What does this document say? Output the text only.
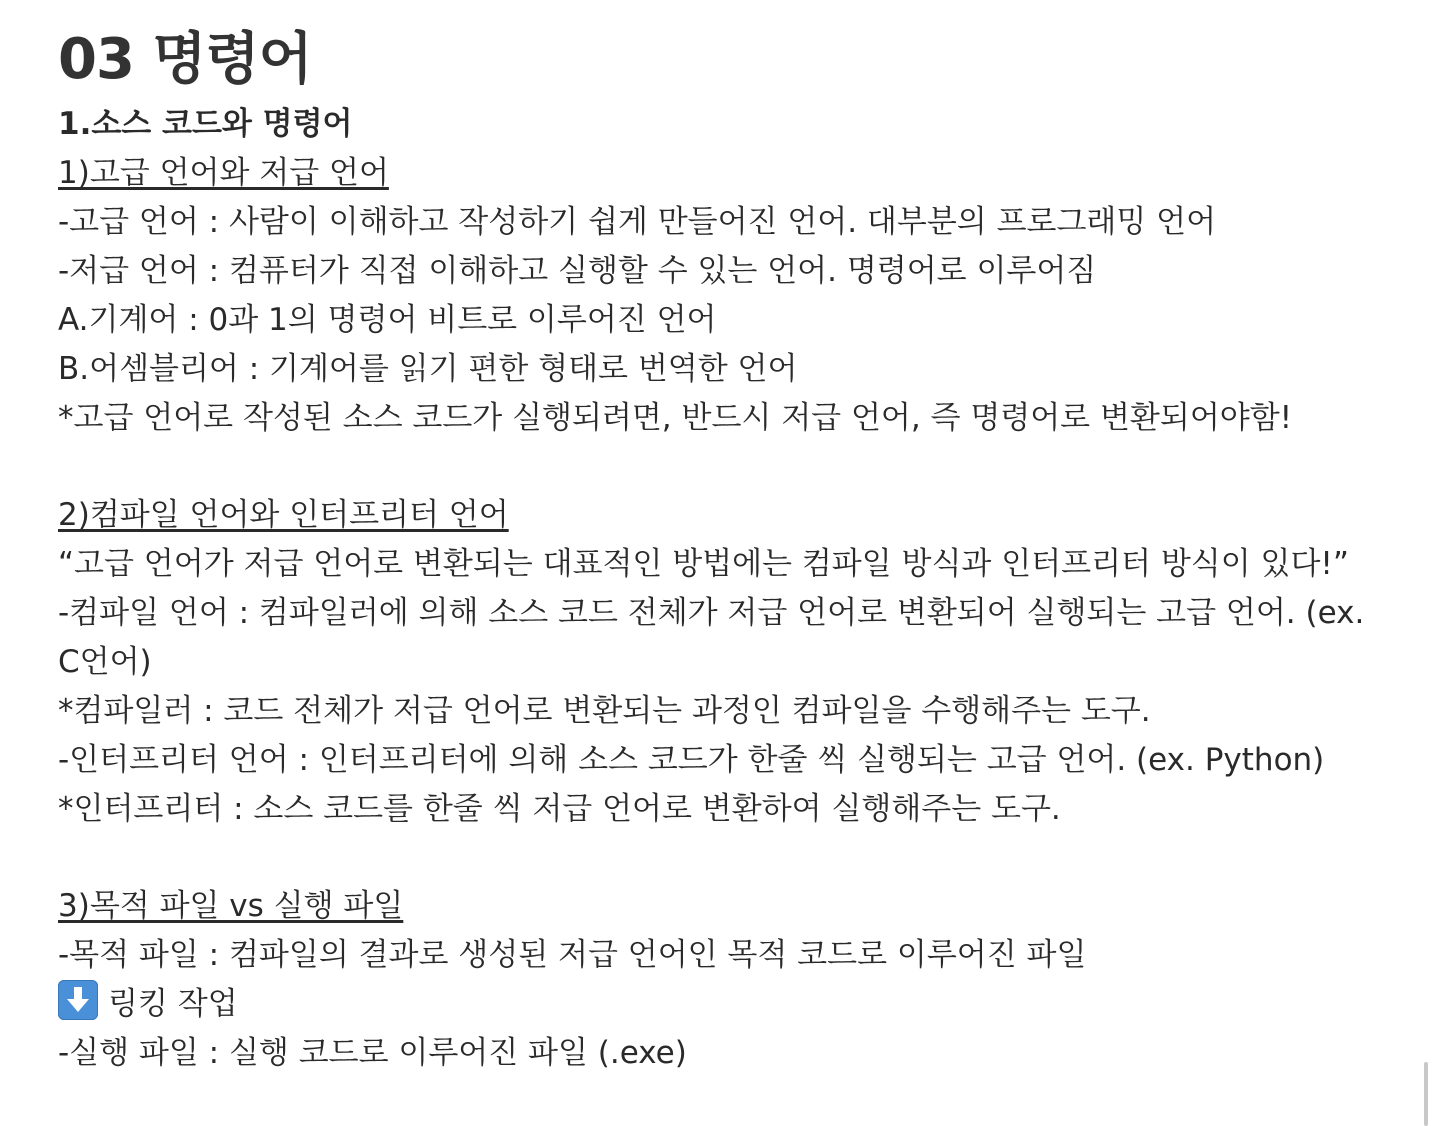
03 명령어
1.소스 코드와 명령어
1)고급 언어와 저급 언어
-고급 언어 : 사람이 이해하고 작성하기 쉽게 만들어진 언어. 대부분의 프로그래밍 언어
-저급 언어 : 컴퓨터가 직접 이해하고 실행할 수 있는 언어. 명령어로 이루어짐
A.기계어 : 0과 1의 명령어 비트로 이루어진 언어
B.어셈블리어 : 기계어를 읽기 편한 형태로 번역한 언어
*고급 언어로 작성된 소스 코드가 실행되려면, 반드시 저급 언어, 즉 명령어로 변환되어야함!
2)컴파일 언어와 인터프리터 언어
“고급 언어가 저급 언어로 변환되는 대표적인 방법에는 컴파일 방식과 인터프리터 방식이 있다!”
-컴파일 언어 : 컴파일러에 의해 소스 코드 전체가 저급 언어로 변환되어 실행되는 고급 언어. (ex.
C언어)
*컴파일러 : 코드 전체가 저급 언어로 변환되는 과정인 컴파일을 수행해주는 도구.
-인터프리터 언어 : 인터프리터에 의해 소스 코드가 한줄 씩 실행되는 고급 언어. (ex. Python)
*인터프리터 : 소스 코드를 한줄 씩 저급 언어로 변환하여 실행해주는 도구.
3)목적 파일 vs 실행 파일
-목적 파일 : 컴파일의 결과로 생성된 저급 언어인 목적 코드로 이루어진 파일
링킹 작업
-실행 파일 : 실행 코드로 이루어진 파일 (.exe)
